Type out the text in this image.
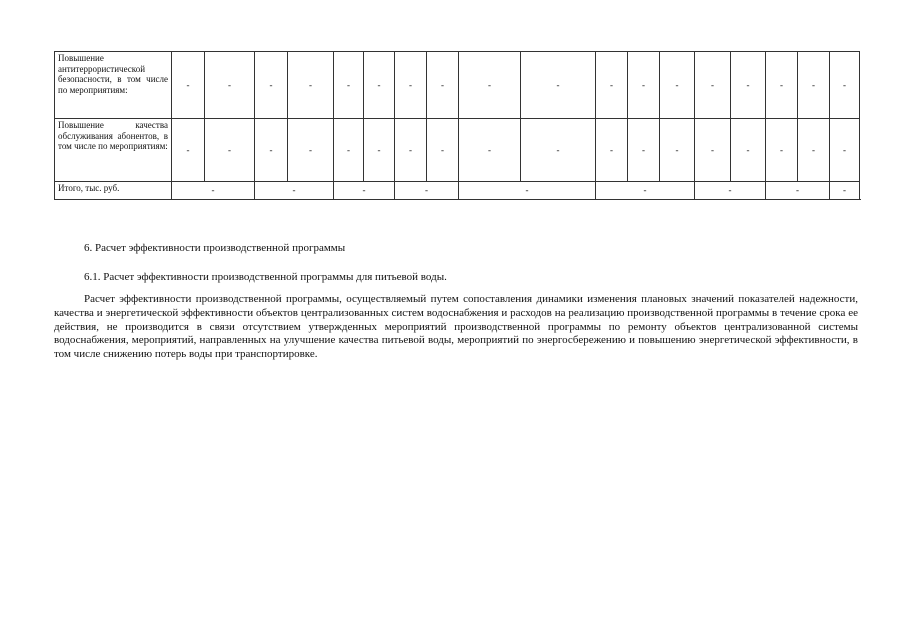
Повышение антитеррористической безопасности, в том числе по мероприятиям:	-	-	-	-	-	-	-	-	-	-	-	-	-	-	-	-	-	-
Повышение качества обслуживания абонентов, в том числе по мероприятиям:	-	-	-	-	-	-	-	-	-	-	-	-	-	-	-	-	-	-
Итого, тыс. руб.	-		-		-		-		-		-			-		-		-
6. Расчет эффективности производственной программы
6.1. Расчет эффективности производственной программы для питьевой воды.
Расчет эффективности производственной программы, осуществляемый путем сопоставления динамики изменения плановых значений показателей надежности, качества и энергетической эффективности объектов централизованных систем водоснабжения и расходов на реализацию производственной программы в течение срока ее действия, не производится в связи отсутствием утвержденных мероприятий производственной программы по ремонту объектов централизованной системы водоснабжения, мероприятий, направленных на улучшение качества питьевой воды, мероприятий по энергосбережению и повышению энергетической эффективности, в том числе снижению потерь воды при транспортировке.
